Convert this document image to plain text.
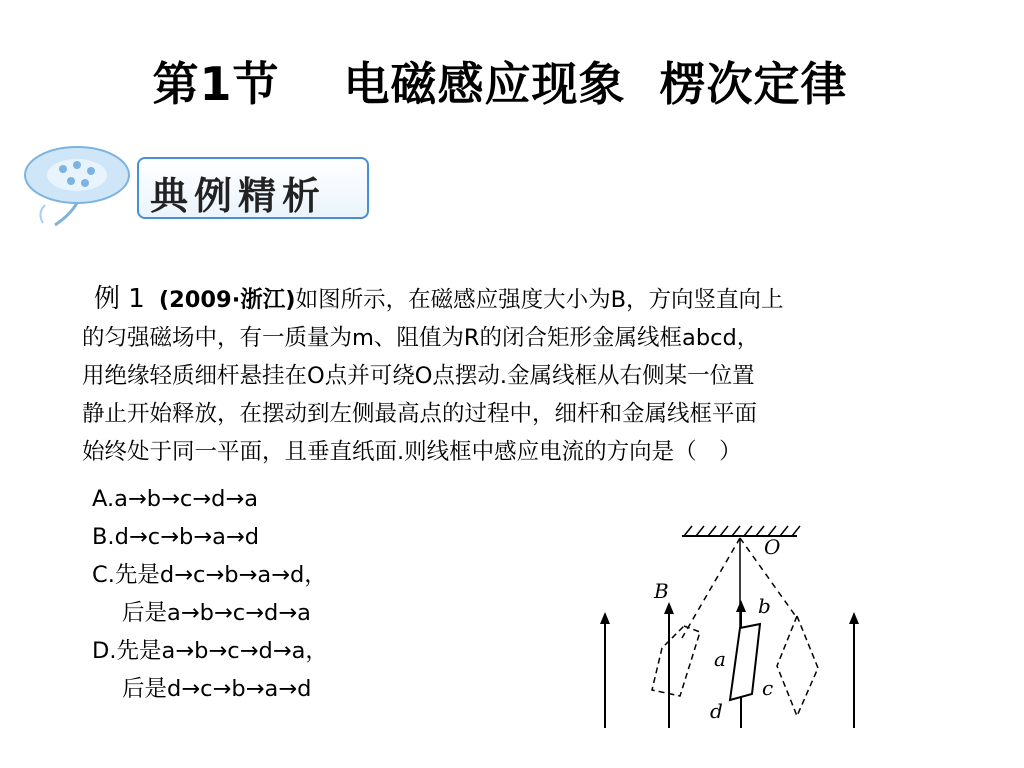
第1节　 电磁感应现象  楞次定律
典例精析
例 1 (2009·浙江)如图所示，在磁感应强度大小为B，方向竖直向上
的匀强磁场中，有一质量为m、阻值为R的闭合矩形金属线框abcd，
用绝缘轻质细杆悬挂在O点并可绕O点摆动.金属线框从右侧某一位置
静止开始释放，在摆动到左侧最高点的过程中，细杆和金属线框平面
始终处于同一平面，且垂直纸面.则线框中感应电流的方向是（　）
A.a→b→c→d→a
B.d→c→b→a→d
C.先是d→c→b→a→d，
后是a→b→c→d→a
D.先是a→b→c→d→a，
后是d→c→b→a→d
O
B
b
a
c
d
